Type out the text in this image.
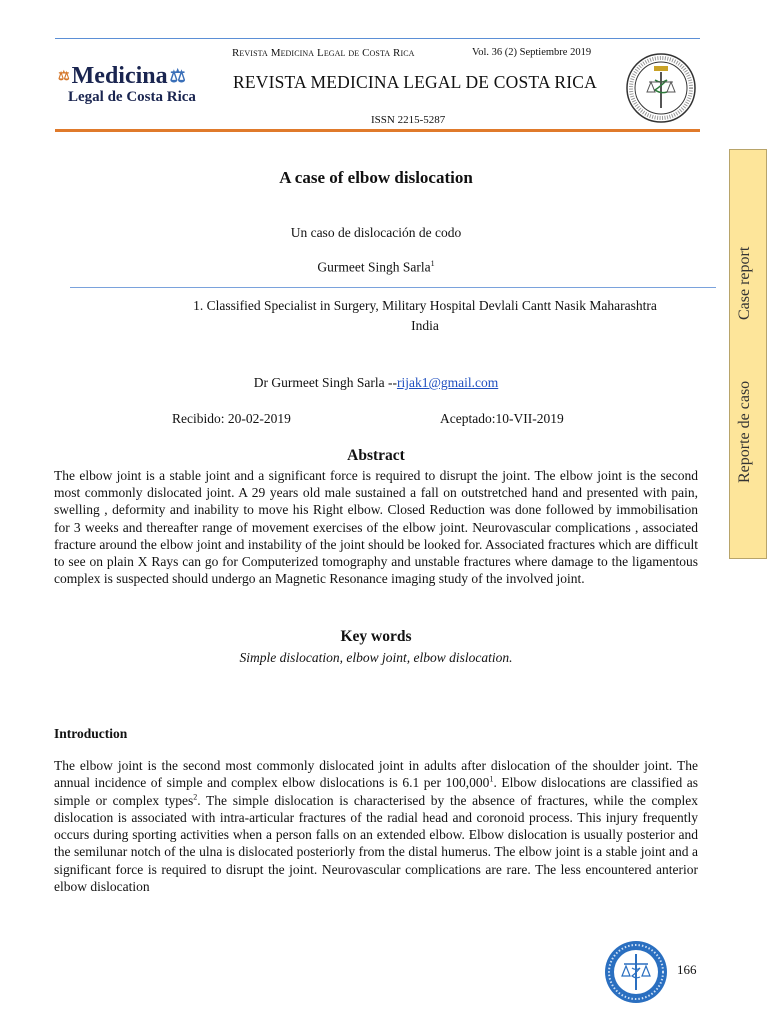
⚖ Medicina ⚖
Legal de Costa Rica
Revista Medicina Legal de Costa Rica	Vol. 36 (2) Septiembre 2019
REVISTA MEDICINA LEGAL DE COSTA RICA
ISSN 2215-5287
Case report
Reporte de caso
A case of elbow dislocation
Un caso de dislocación de codo
Gurmeet Singh Sarla$^1$
1. Classified Specialist in Surgery, Military Hospital Devlali Cantt Nasik Maharashtra
India
Dr Gurmeet Singh Sarla --rijak1@gmail.com
Recibido: 20-02-2019	Aceptado:10-VII-2019
Abstract
The elbow joint is a stable joint and a significant force is required to disrupt the joint. The elbow joint is the second most commonly dislocated joint. A 29 years old male sustained a fall on outstretched hand and presented with pain, swelling , deformity and inability to move his Right elbow. Closed Reduction was done followed by immobilisation for 3 weeks and thereafter range of movement exercises of the elbow joint. Neurovascular complications , associated fracture around the elbow joint and instability of the joint should be looked for. Associated fractures which are difficult to see on plain X Rays can go for Computerized tomography and unstable fractures where damage to the ligamentous complex is suspected should undergo an Magnetic Resonance imaging study of the involved joint.
Key words
Simple dislocation, elbow joint, elbow dislocation.
Introduction
The elbow joint is the second most commonly dislocated joint in adults after dislocation of the shoulder joint. The annual incidence of simple and complex elbow dislocations is 6.1 per 100,000$^1$. Elbow dislocations are classified as simple or complex types$^2$. The simple dislocation is characterised by the absence of fractures, while the complex dislocation is associated with intra-articular fractures of the radial head and coronoid process. This injury frequently occurs during sporting activities when a person falls on an extended elbow. Elbow dislocation is usually posterior and the semilunar notch of the ulna is dislocated posteriorly from the distal humerus. The elbow joint is a stable joint and a significant force is required to disrupt the joint. Neurovascular complications are rare. The less encountered anterior elbow dislocation
166
